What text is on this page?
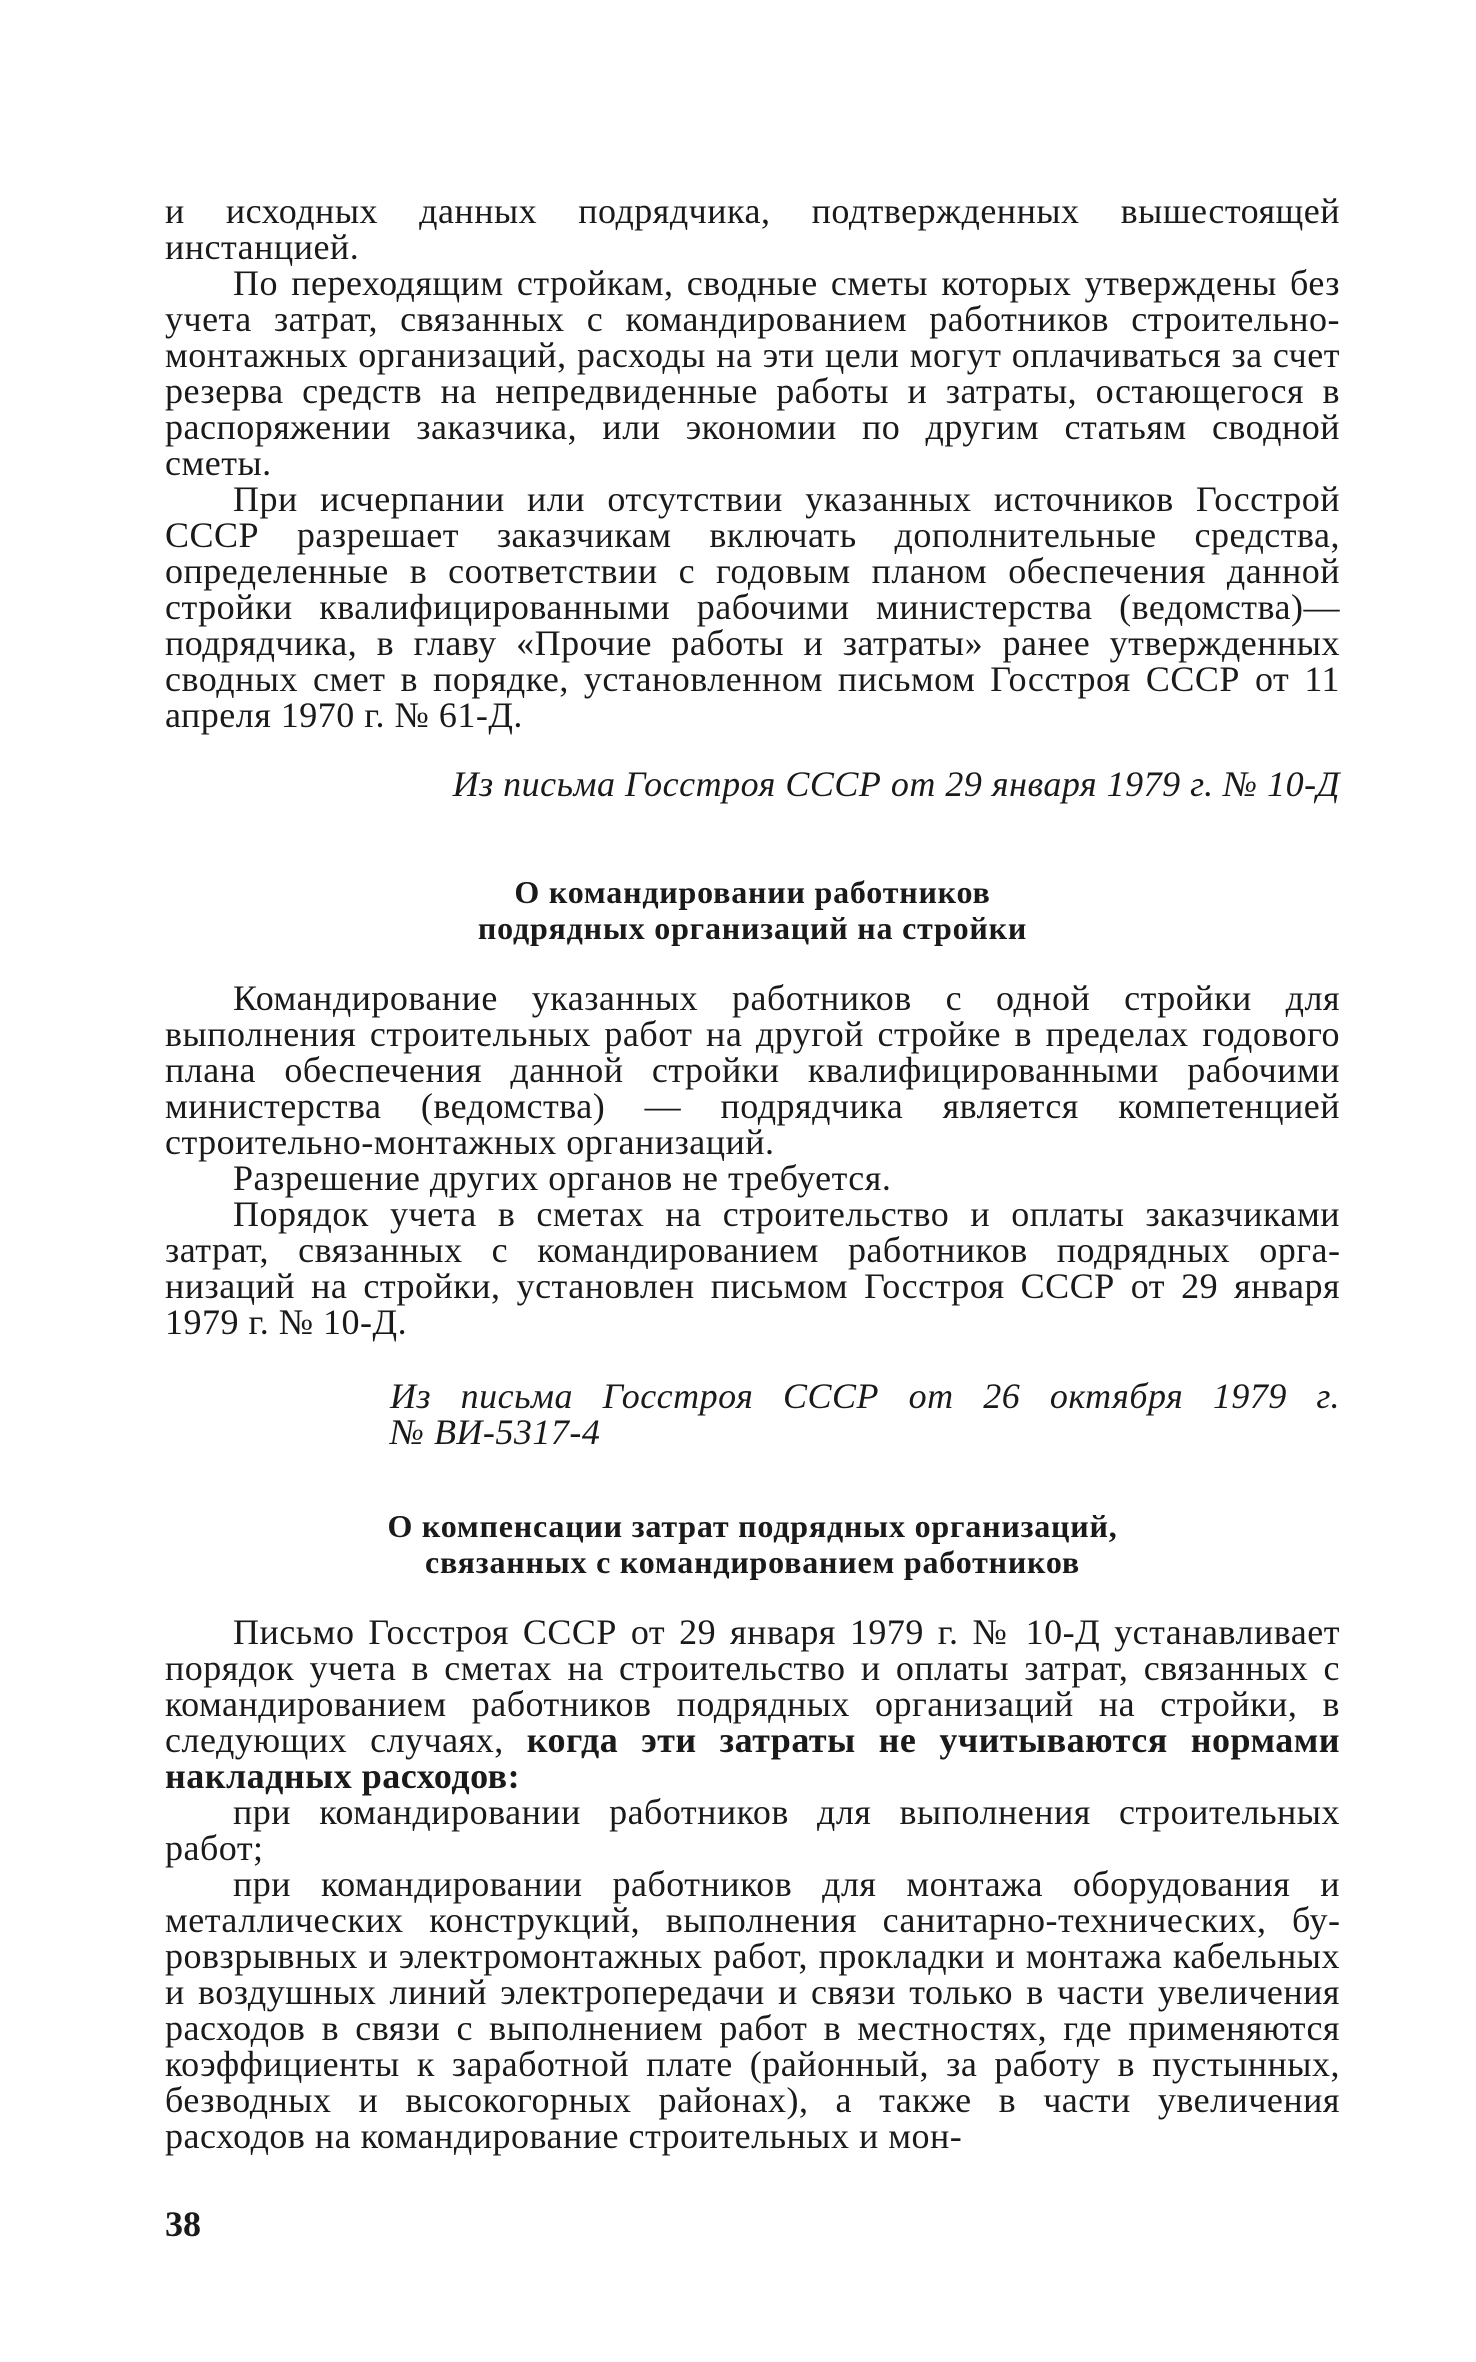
и исходных данных подрядчика, подтвержденных вышестоящей инстанцией.

По переходящим стройкам, сводные сметы которых утверждены без учета затрат, связанных с командированием работников строительно-монтажных организаций, расходы на эти цели могут оплачиваться за счет резерва средств на непредвиденные работы и затраты, остающегося в распоряжении заказчика, или экономии по другим статьям сводной сметы.

При исчерпании или отсутствии указанных источников Госстрой СССР разрешает заказчикам включать дополнительные средства, определенные в соответствии с годовым планом обеспечения данной стройки квалифицированными рабочими министерства (ведомства)— подрядчика, в главу «Прочие работы и затраты» ранее утвержденных сводных смет в порядке, установленном письмом Госстроя СССР от 11 апреля 1970 г. № 61-Д.

Из письма Госстроя СССР от 29 января 1979 г. № 10-Д

О командировании работников

подрядных организаций на стройки

Командирование указанных работников с одной стройки для выполнения строительных работ на другой стройке в пределах годового плана обеспечения данной стройки квалифицированными рабочими министерства (ведомства) — подрядчика является компетенцией строительно-монтажных организаций.

Разрешение других органов не требуется.

Порядок учета в сметах на строительство и оплаты заказчиками затрат, связанных с командированием работников подрядных организаций на стройки, установлен письмом Госстроя СССР от 29 января 1979 г. № 10-Д.

Из письма Госстроя СССР от 26 октября 1979 г.

№ ВИ-5317-4

О компенсации затрат подрядных организаций,

связанных с командированием работников

Письмо Госстроя СССР от 29 января 1979 г. № 10-Д устанавливает порядок учета в сметах на строительство и оплаты затрат, связанных с командированием работников подрядных организаций на стройки, в следующих случаях, когда эти затраты не учитываются нормами накладных расходов:

при командировании работников для выполнения строительных работ;

при командировании работников для монтажа оборудования и металлических конструкций, выполнения санитарно-технических, буровзрывных и электромонтажных работ, прокладки и монтажа кабельных и воздушных линий электропередачи и связи только в части увеличения расходов в связи с выполнением работ в местностях, где применяются коэффициенты к заработной плате (районный, за работу в пустынных, безводных и высокогорных районах), а также в части увеличения расходов на командирование строительных и мон-

38
